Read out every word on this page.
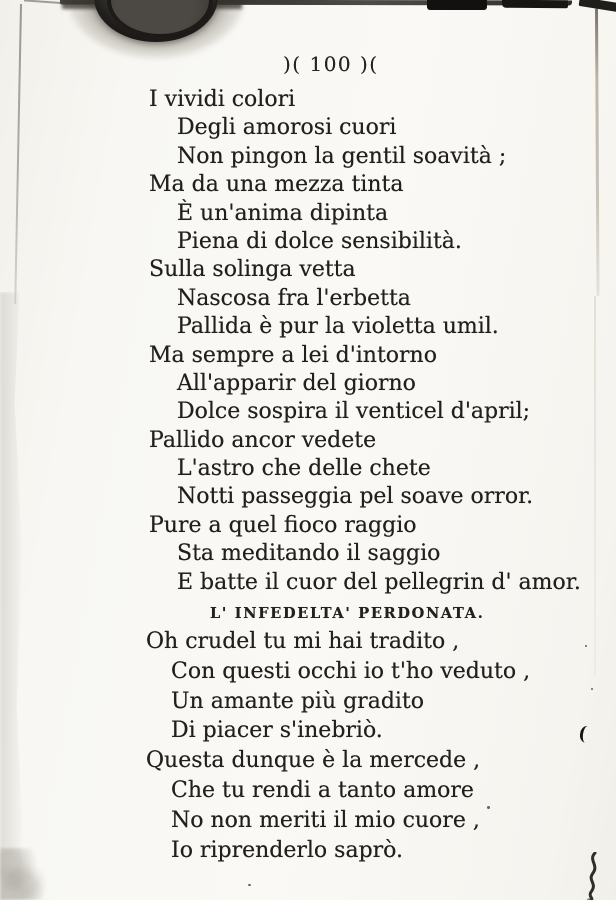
)( 100 )(
I vividi colori
Degli amorosi cuori
Non pingon la gentil soavità ;
Ma da una mezza tinta
È un'anima dipinta
Piena di dolce sensibilità.
Sulla solinga vetta
Nascosa fra l'erbetta
Pallida è pur la violetta umil.
Ma sempre a lei d'intorno
All'apparir del giorno
Dolce sospira il venticel d'april;
Pallido ancor vedete
L'astro che delle chete
Notti passeggia pel soave orror.
Pure a quel fioco raggio
Sta meditando il saggio
E batte il cuor del pellegrin d' amor.
L' INFEDELTA' PERDONATA.
Oh crudel tu mi hai tradito ,
Con questi occhi io t'ho veduto ,
Un amante più gradito
Di piacer s'inebriò.
Questa dunque è la mercede ,
Che tu rendi a tanto amore
No non meriti il mio cuore ,
Io riprenderlo saprò.
